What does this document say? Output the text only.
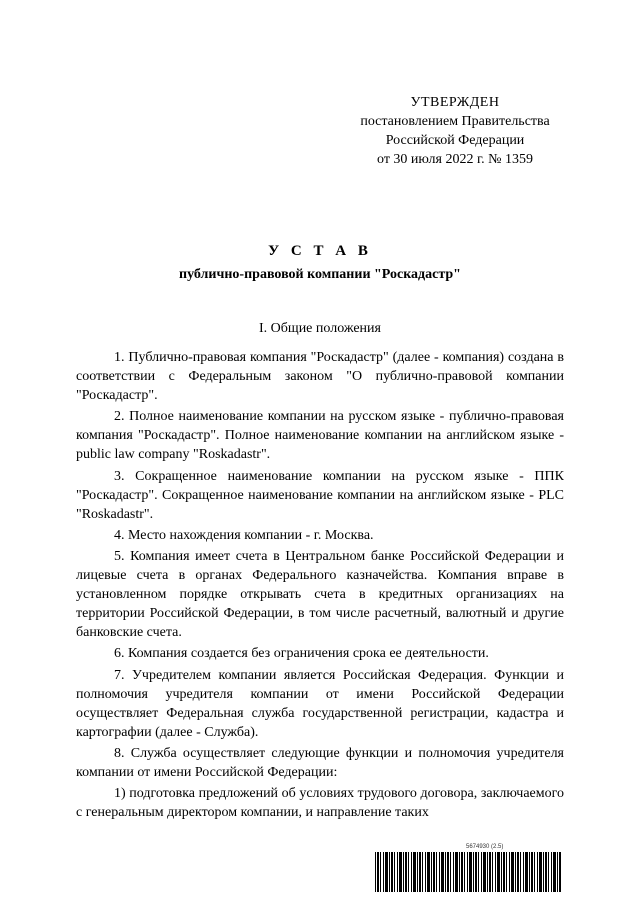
УТВЕРЖДЕН
постановлением Правительства
Российской Федерации
от 30 июля 2022 г. № 1359
У С Т А В
публично-правовой компании "Роскадастр"
I. Общие положения

1. Публично-правовая компания "Роскадастр" (далее - компания) создана в соответствии с Федеральным законом "О публично-правовой компании "Роскадастр".

2. Полное наименование компании на русском языке - публично-правовая компания "Роскадастр". Полное наименование компании на английском языке - public law company "Roskadastr".

3. Сокращенное наименование компании на русском языке - ППК "Роскадастр". Сокращенное наименование компании на английском языке - PLC "Roskadastr".

4. Место нахождения компании - г. Москва.

5. Компания имеет счета в Центральном банке Российской Федерации и лицевые счета в органах Федерального казначейства. Компания вправе в установленном порядке открывать счета в кредитных организациях на территории Российской Федерации, в том числе расчетный, валютный и другие банковские счета.

6. Компания создается без ограничения срока ее деятельности.

7. Учредителем компании является Российская Федерация. Функции и полномочия учредителя компании от имени Российской Федерации осуществляет Федеральная служба государственной регистрации, кадастра и картографии (далее - Служба).

8. Служба осуществляет следующие функции и полномочия учредителя компании от имени Российской Федерации:

1) подготовка предложений об условиях трудового договора, заключаемого с генеральным директором компании, и направление таких

5674930 (2.5)
